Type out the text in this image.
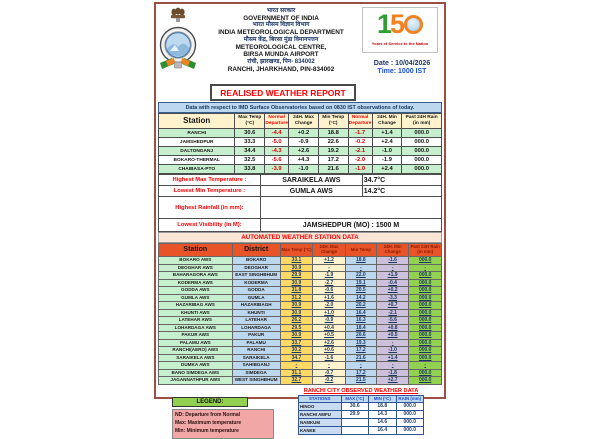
भारत सरकार
GOVERNMENT OF INDIA
भारत मौसम विज्ञान विभाग
INDIA METEOROLOGICAL DEPARTMENT
मौसम केंद्र, बिरसा मुंडा विमानपत्तन
METEOROLOGICAL CENTRE,
BIRSA MUNDA AIRPORT
रांची, झारखण्ड, पिन- 834002
RANCHI, JHARKHAND, PIN-834002
1 5
Years of Service to the Nation
Date : 10/04/2026
Time: 1000 IST
REALISED WEATHER REPORT
Data with respect to IMD Surface Observatories based on 0830 IST observations of today.
Station	Max Temp (°C)	Normal Departure	24H. Max Change	Min Temp (°C)	Normal Departure	24H. Min Change	Past 24H Rain (in mm)
RANCHI	30.6	-4.4	+0.2	18.8	-1.7	+1.4	000.0
JAMSHEDPUR	33.3	-5.0	-0.9	22.6	-0.2	+2.4	000.0
DALTONGANJ	34.4	-4.3	+2.6	19.2	-2.1	-1.0	000.0
BOKARO-THERMAL	32.5	-5.6	+4.3	17.2	-2.0	-1.9	000.0
CHAIBASA-PTO	33.8	-3.9	-1.0	21.6	-1.0	+2.4	000.0
Highest Max Temperature :	SARAIKELA AWS	34.7°C
Lowest Min Temperature :	GUMLA AWS	14.2°C
Highest Rainfall (in mm):		
Lowest Visibility (in M):	JAMSHEDPUR (MO) : 1500 M	
AUTOMATED WEATHER STATION DATA
Station	District	Max Temp (°C)	24H. Max Change	Min Temp	24H. Min Change	Past 24H Rain (in mm)
BOKARO AWS	BOKARO	33.1	+1.2	18.8	-1.6	000.0
DEOGHAR AWS	DEOGHAR	30.9	-	-	-	-
BAHARAGORA AWS	EAST SINGHBHUM	29.9	-1.9	22.0	+1.9	000.0
KODERMA AWS	KODERMA	30.9	-2.7	19.1	-0.4	000.0
GODDA AWS	GODDA	31.8	-0.6	20.5	+0.2	000.0
GUMLA AWS	GUMLA	31.2	+1.6	14.2	-3.3	000.0
HAZARIBAG AWS	HAZARIBAGH	30.9	-2.0	20.2	+0.7	000.0
KHUNTI AWS	KHUNTI	30.9	+1.0	16.4	-2.1	000.0
LATEHAR AWS	LATEHAR	26.2	-0.9	16.3	-5.6	000.0
LOHARDAGA AWS	LOHARDAGA	29.5	+0.4	18.4	+0.8	000.0
PAKUR AWS	PAKUR	30.9	+0.5	20.6	+0.5	000.0
PALAMU AWS	PALAMU	33.7	+2.6	19.3	-	000.0
RANCHI(AERO) AWS	RANCHI	30.2	+0.6	17.2	-1.0	000.0
SARAIKELA AWS	SARAIKELA	34.7	-1.6	21.6	+1.4	000.0
DUMKA AWS	SAHIBGANJ	-	-	-	-	-
BANO SIMDEGA AWS	SIMDEGA	31.1	-0.7	17.2	-1.8	000.0
JAGANNATHPUR AWS	WEST SINGHBHUM	32.7	-0.2	21.5	+2.7	000.0
LEGEND:
ND: Departure from Normal
Max: Maximum temperature
Min: Minimum temperature
RANCHI CITY OBSERVED WEATHER DATA
STATIONS	MAX (°C)	MIN (°C)	RAIN (mm)
HINOO	30.6	18.8	000.0
RANCHI AMFU	29.9	14.3	000.0
NAMKUM		14.6	000.0
KANKE		16.4	000.0
